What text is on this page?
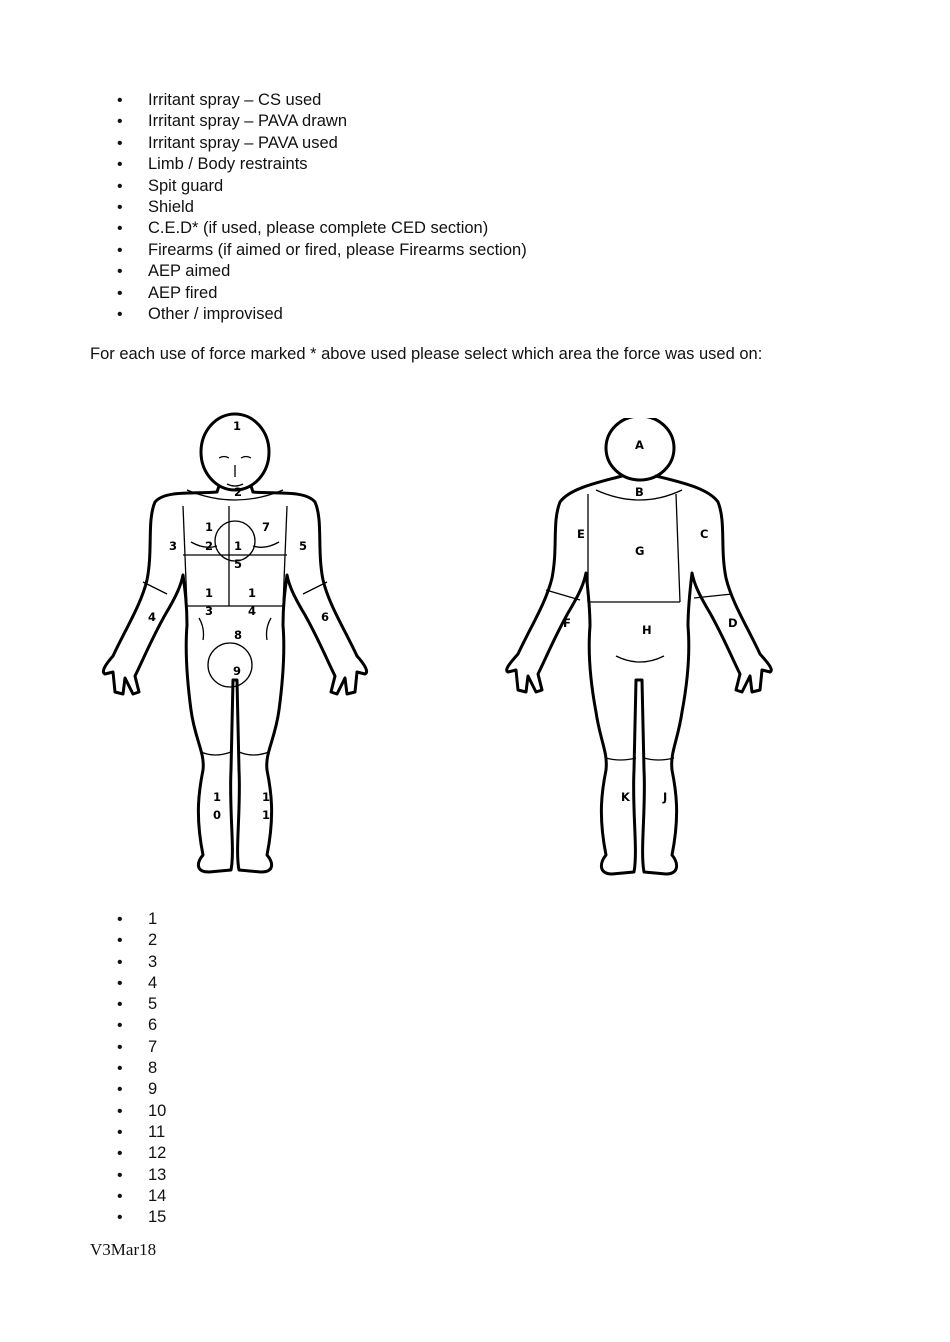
• Irritant spray – CS used
• Irritant spray – PAVA drawn
• Irritant spray – PAVA used
• Limb / Body restraints
• Spit guard
• Shield
• C.E.D* (if used, please complete CED section)
• Firearms (if aimed or fired, please Firearms section)
• AEP aimed
• AEP fired
• Other / improvised
For each use of force marked * above used please select which area the force was used on:
1
2
3	5
4	6
1
2
7
1
5
1
3
1
4
8
9
1
0
1
1
A
B
G
H
C
E
D
F
K	J
• 1
• 2
• 3
• 4
• 5
• 6
• 7
• 8
• 9
• 10
• 11
• 12
• 13
• 14
• 15
V3Mar18
